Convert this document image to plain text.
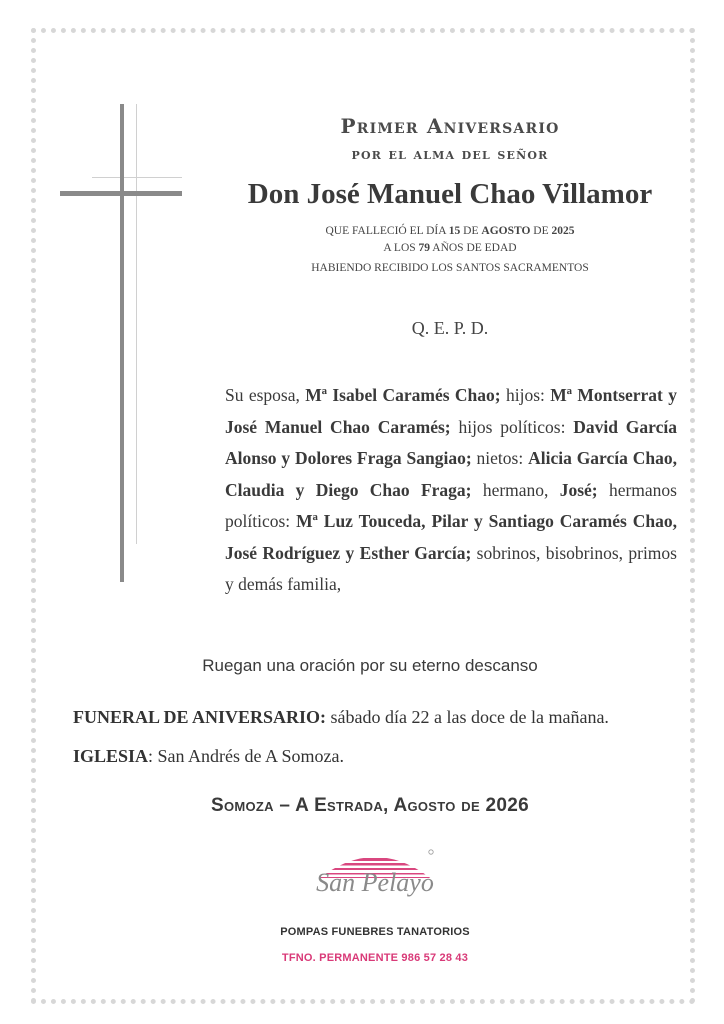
Primer Aniversario
por el alma del señor
Don José Manuel Chao Villamor
QUE FALLECIÓ EL DÍA 15 DE AGOSTO DE 2025
A LOS 79 AÑOS DE EDAD
HABIENDO RECIBIDO LOS SANTOS SACRAMENTOS
Q. E. P. D.
Su esposa, Mª Isabel Caramés Chao; hijos: Mª Montserrat y José Manuel Chao Caramés; hijos políticos: David García Alonso y Dolores Fraga Sangiao; nietos: Alicia García Chao, Claudia y Diego Chao Fraga; hermano, José; hermanos políticos: Mª Luz Touceda, Pilar y Santiago Caramés Chao, José Rodríguez y Esther García; sobrinos, bisobrinos, primos y demás familia,
Ruegan una oración por su eterno descanso
FUNERAL DE ANIVERSARIO: sábado día 22 a las doce de la mañana.
IGLESIA: San Andrés de A Somoza.
Somoza – A Estrada, Agosto de 2026
San Pelayo
POMPAS FUNEBRES TANATORIOS
TFNO. PERMANENTE 986 57 28 43
